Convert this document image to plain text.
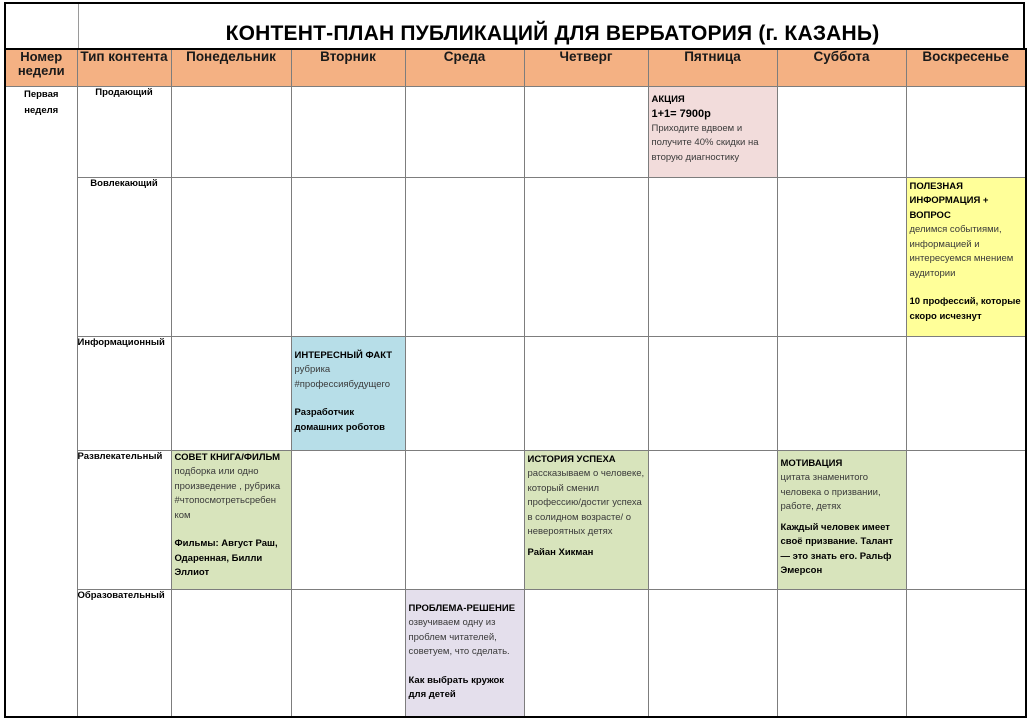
КОНТЕНТ-ПЛАН ПУБЛИКАЦИЙ ДЛЯ ВЕРБАТОРИЯ (г. КАЗАНЬ)
Номер недели	Тип контента	Понедельник	Вторник	Среда	Четверг	Пятница	Суббота	Воскресенье
Первая неделя	Продающий					АКЦИЯ
1+1= 7900р
Приходите вдвоем и получите 40% скидки на вторую диагностику		

	Вовлекающий							ПОЛЕЗНАЯ ИНФОРМАЦИЯ + ВОПРОС
делимся событиями, информацией и интересуемся мнением аудитории
10 профессий, которые скоро исчезнут

	Информационный		ИНТЕРЕСНЫЙ ФАКТ
рубрика #профессиябудущего
Разработчик домашних роботов					

	Развлекательный	СОВЕТ КНИГА/ФИЛЬМ
подборка или одно произведение , рубрика #чтопосмотретьсребен ком
Фильмы: Август Раш, Одаренная, Билли Эллиот			ИСТОРИЯ УСПЕХА
рассказываем о человеке, который сменил профессию/достиг успеха в солидном возрасте/ о невероятных детях
Райан Хикман		МОТИВАЦИЯ
цитата знаменитого человека о призвании, работе, детях
Каждый человек имеет своё призвание. Талант — это знать его. Ральф Эмерсон	

	Образовательный			ПРОБЛЕМА-РЕШЕНИЕ
озвучиваем одну из проблем читателей, советуем, что сделать.
Как выбрать кружок для детей				
